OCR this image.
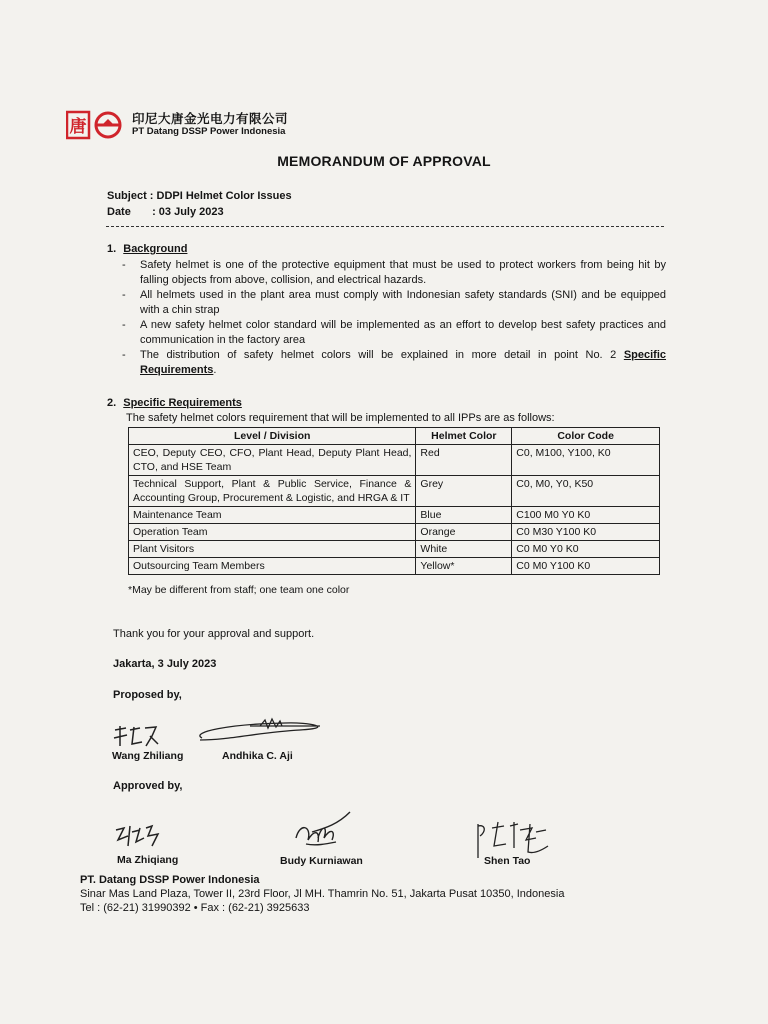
唐	印尼大唐金光电力有限公司
PT Datang DSSP Power Indonesia
MEMORANDUM OF APPROVAL
Subject : DDPI Helmet Color Issues
Date : 03 July 2023
1. Background
- Safety helmet is one of the protective equipment that must be used to protect workers from being hit by falling objects from above, collision, and electrical hazards.
- All helmets used in the plant area must comply with Indonesian safety standards (SNI) and be equipped with a chin strap
- A new safety helmet color standard will be implemented as an effort to develop best safety practices and communication in the factory area
- The distribution of safety helmet colors will be explained in more detail in point No. 2 Specific Requirements.
2. Specific Requirements
The safety helmet colors requirement that will be implemented to all IPPs are as follows:
Level / Division	Helmet Color	Color Code
CEO, Deputy CEO, CFO, Plant Head, Deputy Plant Head, CTO, and HSE Team	Red	C0, M100, Y100, K0
Technical Support, Plant & Public Service, Finance & Accounting Group, Procurement & Logistic, and HRGA & IT	Grey	C0, M0, Y0, K50
Maintenance Team	Blue	C100 M0 Y0 K0
Operation Team	Orange	C0 M30 Y100 K0
Plant Visitors	White	C0 M0 Y0 K0
Outsourcing Team Members	Yellow*	C0 M0 Y100 K0
*May be different from staff; one team one color
Thank you for your approval and support.
Jakarta, 3 July 2023
Proposed by,
Wang Zhiliang	Andhika C. Aji
Approved by,
Ma Zhiqiang	Budy Kurniawan	Shen Tao
PT. Datang DSSP Power Indonesia
Sinar Mas Land Plaza, Tower II, 23rd Floor, Jl MH. Thamrin No. 51, Jakarta Pusat 10350, Indonesia
Tel : (62-21) 31990392 • Fax : (62-21) 3925633
